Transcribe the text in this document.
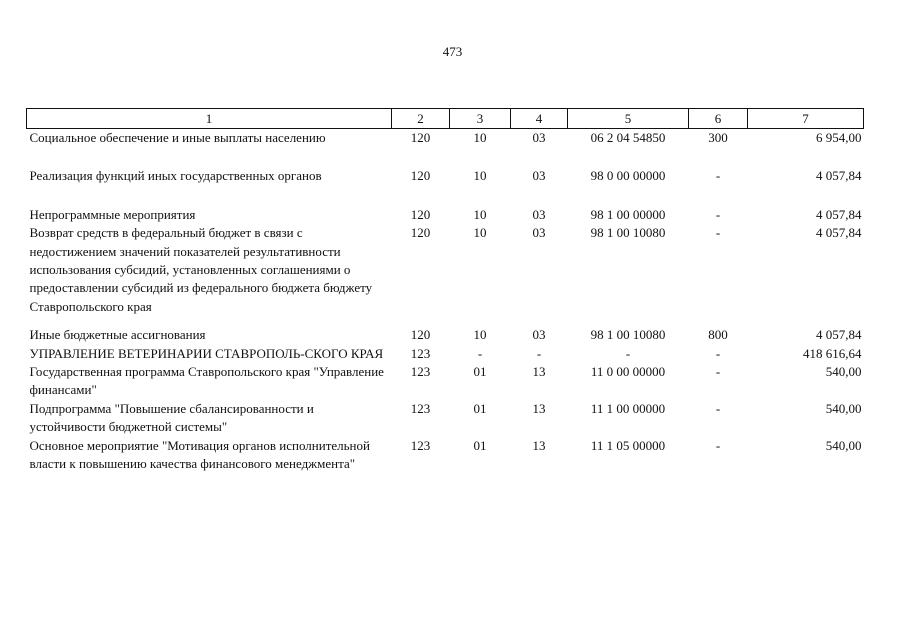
473
1	2	3	4	5	6	7
Социальное обеспечение и иные выплаты населению	120	10	03	06 2 04 54850	300	6 954,00

Реализация функций иных государственных органов	120	10	03	98 0 00 00000	-	4 057,84

Непрограммные мероприятия	120	10	03	98 1 00 00000	-	4 057,84
Возврат средств в федеральный бюджет в связи с недостижением значений показателей результативности использования субсидий, установленных соглашениями о предоставлении субсидий из федерального бюджета бюджету Ставропольского края	120	10	03	98 1 00 10080	-	4 057,84

Иные бюджетные ассигнования	120	10	03	98 1 00 10080	800	4 057,84
УПРАВЛЕНИЕ ВЕТЕРИНАРИИ СТАВРОПОЛЬ-СКОГО КРАЯ	123	-	-	-	-	418 616,64
Государственная программа Ставропольского края "Управление финансами"	123	01	13	11 0 00 00000	-	540,00
Подпрограмма "Повышение сбалансированности и устойчивости бюджетной системы"	123	01	13	11 1 00 00000	-	540,00
Основное мероприятие "Мотивация органов исполнительной власти к повышению качества финансового менеджмента"	123	01	13	11 1 05 00000	-	540,00
